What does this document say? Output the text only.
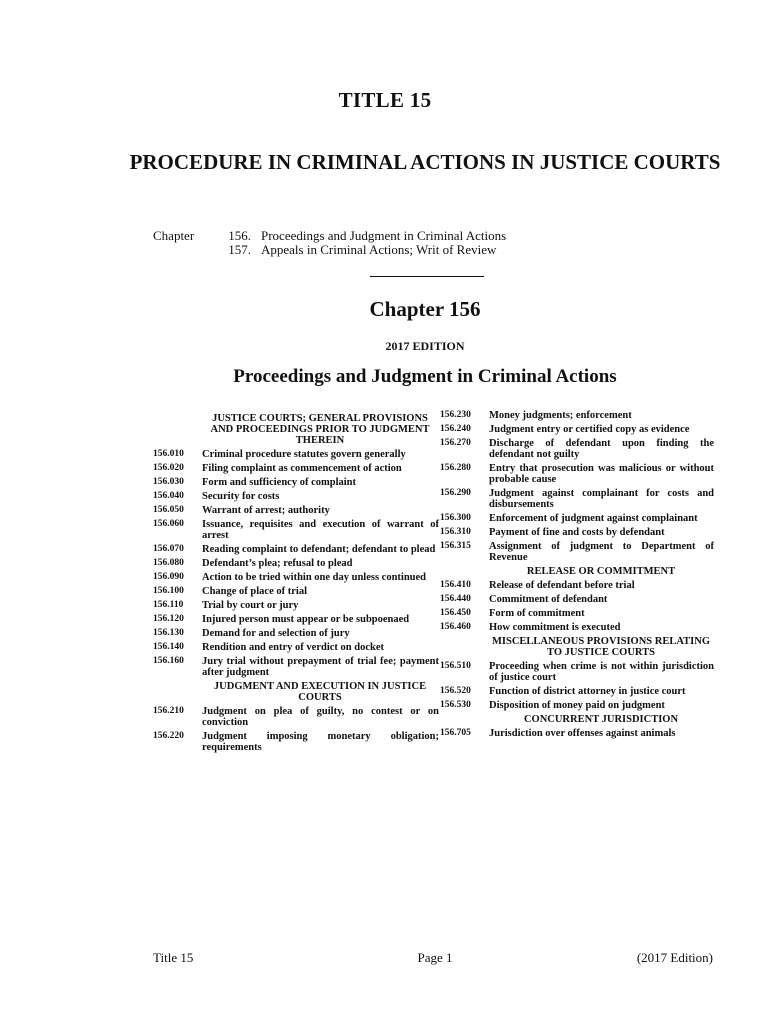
TITLE 15
PROCEDURE IN CRIMINAL ACTIONS IN JUSTICE COURTS
Chapter	156. Proceedings and Judgment in Criminal Actions
157. Appeals in Criminal Actions; Writ of Review
Chapter 156
2017 EDITION
Proceedings and Judgment in Criminal Actions
JUSTICE COURTS; GENERAL PROVISIONS AND PROCEEDINGS PRIOR TO JUDGMENT THEREIN
156.010	Criminal procedure statutes govern generally
156.020	Filing complaint as commencement of action
156.030	Form and sufficiency of complaint
156.040	Security for costs
156.050	Warrant of arrest; authority
156.060	Issuance, requisites and execution of warrant of arrest
156.070	Reading complaint to defendant; defendant to plead
156.080	Defendant’s plea; refusal to plead
156.090	Action to be tried within one day unless continued
156.100	Change of place of trial
156.110	Trial by court or jury
156.120	Injured person must appear or be subpoenaed
156.130	Demand for and selection of jury
156.140	Rendition and entry of verdict on docket
156.160	Jury trial without prepayment of trial fee; payment after judgment
JUDGMENT AND EXECUTION IN JUSTICE COURTS
156.210	Judgment on plea of guilty, no contest or on conviction
156.220	Judgment imposing monetary obligation; requirements
156.230	Money judgments; enforcement
156.240	Judgment entry or certified copy as evidence
156.270	Discharge of defendant upon finding the defendant not guilty
156.280	Entry that prosecution was malicious or without probable cause
156.290	Judgment against complainant for costs and disbursements
156.300	Enforcement of judgment against complainant
156.310	Payment of fine and costs by defendant
156.315	Assignment of judgment to Department of Revenue
RELEASE OR COMMITMENT
156.410	Release of defendant before trial
156.440	Commitment of defendant
156.450	Form of commitment
156.460	How commitment is executed
MISCELLANEOUS PROVISIONS RELATING TO JUSTICE COURTS
156.510	Proceeding when crime is not within jurisdiction of justice court
156.520	Function of district attorney in justice court
156.530	Disposition of money paid on judgment
CONCURRENT JURISDICTION
156.705	Jurisdiction over offenses against animals
Title 15	Page 1	(2017 Edition)
